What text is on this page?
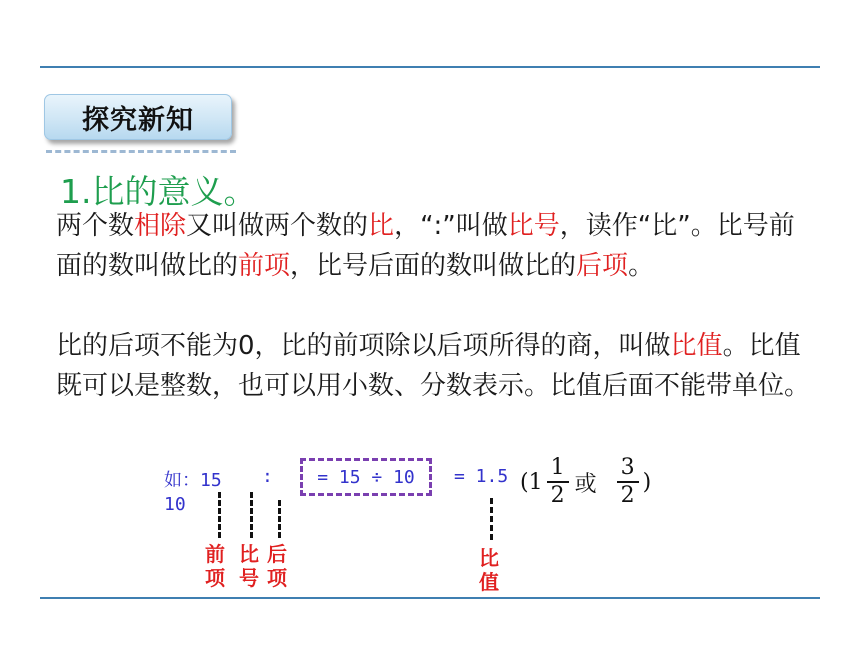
探究新知
1.比的意义。
两个数相除又叫做两个数的比，“:”叫做比号，读作“比”。比号前面的数叫做比的前项，比号后面的数叫做比的后项。
比的后项不能为0，比的前项除以后项所得的商，叫做比值。比值既可以是整数，也可以用小数、分数表示。比值后面不能带单位。
如：15
10
: = 15 ÷ 10 = 1.5 ($1 \frac{1}{2}$ 或 $\frac{3}{2}$ )
前
项
比
号
后
项
比
值
